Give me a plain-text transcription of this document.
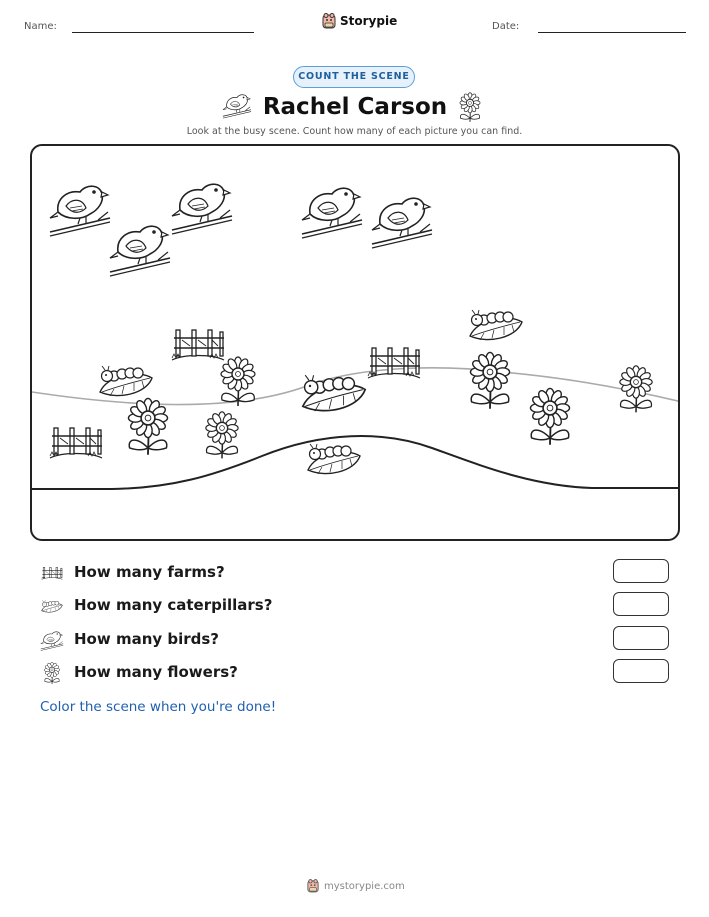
Name:	Storypie	Date:
COUNT THE SCENE
Rachel Carson
Look at the busy scene. Count how many of each picture you can find.
How many farms?
How many caterpillars?
How many birds?
How many flowers?
Color the scene when you're done!
mystorypie.com
